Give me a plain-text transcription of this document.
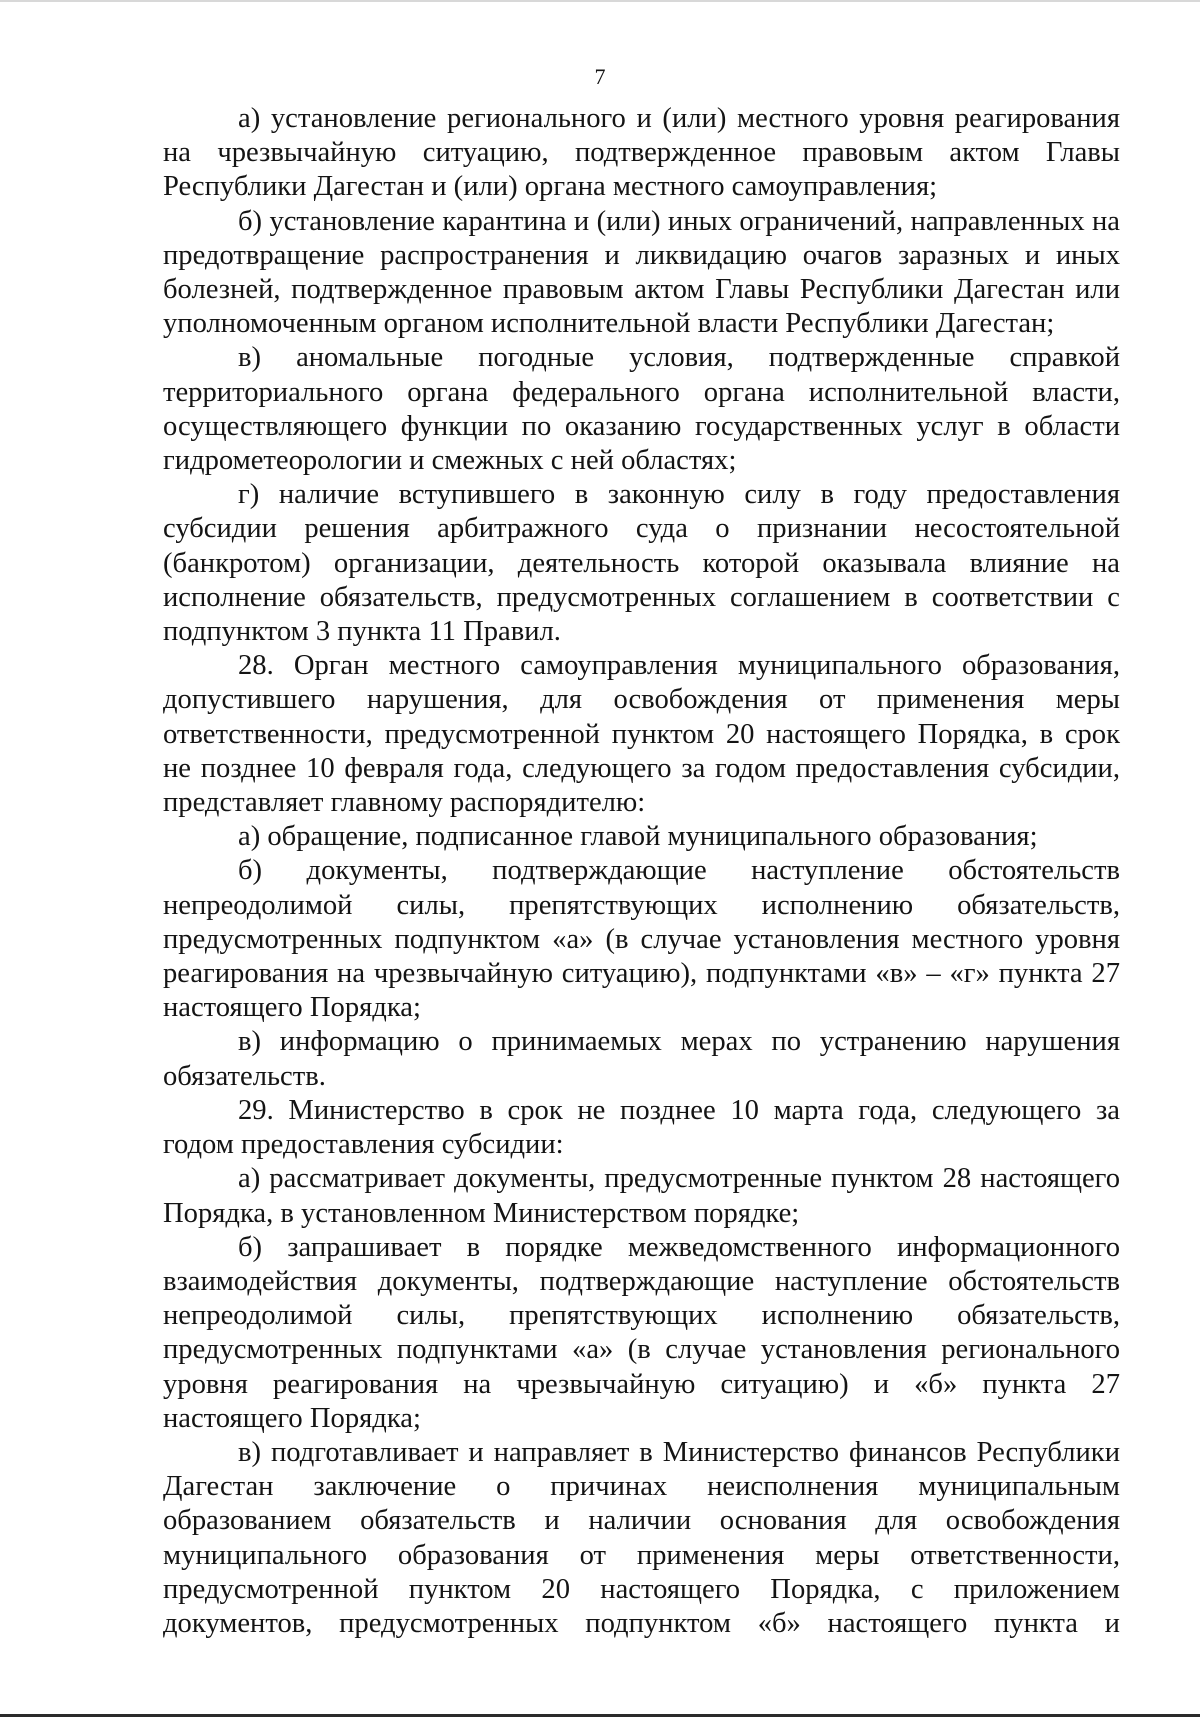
7

а) установление регионального и (или) местного уровня реагирования на чрезвычайную ситуацию, подтвержденное правовым актом Главы Республики Дагестан и (или) органа местного самоуправления;

б) установление карантина и (или) иных ограничений, направленных на предотвращение распространения и ликвидацию очагов заразных и иных болезней, подтвержденное правовым актом Главы Республики Дагестан или уполномоченным органом исполнительной власти Республики Дагестан;

в) аномальные погодные условия, подтвержденные справкой территориального органа федерального органа исполнительной власти, осуществляющего функции по оказанию государственных услуг в области гидрометеорологии и смежных с ней областях;

г) наличие вступившего в законную силу в году предоставления субсидии решения арбитражного суда о признании несостоятельной (банкротом) организации, деятельность которой оказывала влияние на исполнение обязательств, предусмотренных соглашением в соответствии с подпунктом 3 пункта 11 Правил.

28. Орган местного самоуправления муниципального образования, допустившего нарушения, для освобождения от применения меры ответственности, предусмотренной пунктом 20 настоящего Порядка, в срок не позднее 10 февраля года, следующего за годом предоставления субсидии, представляет главному распорядителю:

а) обращение, подписанное главой муниципального образования;

б) документы, подтверждающие наступление обстоятельств непреодолимой силы, препятствующих исполнению обязательств, предусмотренных подпунктом «а» (в случае установления местного уровня реагирования на чрезвычайную ситуацию), подпунктами «в» – «г» пункта 27 настоящего Порядка;

в) информацию о принимаемых мерах по устранению нарушения обязательств.

29. Министерство в срок не позднее 10 марта года, следующего за годом предоставления субсидии:

а) рассматривает документы, предусмотренные пунктом 28 настоящего Порядка, в установленном Министерством порядке;

б) запрашивает в порядке межведомственного информационного взаимодействия документы, подтверждающие наступление обстоятельств непреодолимой силы, препятствующих исполнению обязательств, предусмотренных подпунктами «а» (в случае установления регионального уровня реагирования на чрезвычайную ситуацию) и «б» пункта 27 настоящего Порядка;

в) подготавливает и направляет в Министерство финансов Республики Дагестан заключение о причинах неисполнения муниципальным образованием обязательств и наличии основания для освобождения муниципального образования от применения меры ответственности, предусмотренной пунктом 20 настоящего Порядка, с приложением документов, предусмотренных подпунктом «б» настоящего пункта и
